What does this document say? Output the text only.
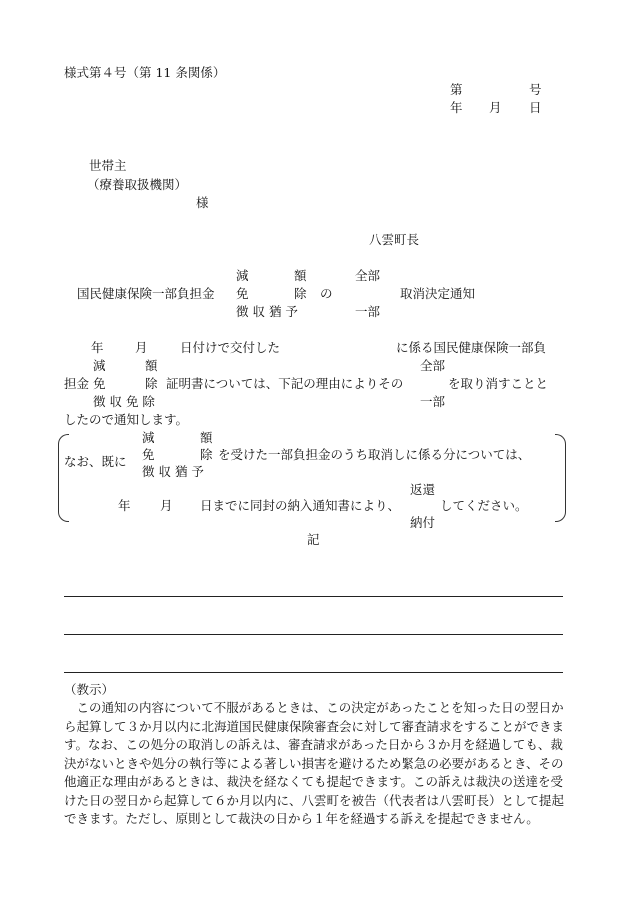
様式第４号（第 11 条関係）
第	号
年 月 日
世帯主
（療養取扱機関）
様
八雲町長
減	額	全部
国民健康保険一部負担金 免	除 の	取消決定通知
徴 収 猶 予	一部
年	月	日付けで交付した	に係る国民健康保険一部負
減	額	全部
担金 免	除 証明書については、下記の理由によりその	を取り消すことと
徴 収 免 除	一部
したので通知します。
減	額
なお、既に 免	除 を受けた一部負担金のうち取消しに係る分については、
徴 収 猶 予
返還
年 月 日までに同封の納入通知書により、	してください。
納付
記
（教示）

この通知の内容について不服があるときは、この決定があったことを知った日の翌日から起算して３か月以内に北海道国民健康保険審査会に対して審査請求をすることができます。なお、この処分の取消しの訴えは、審査請求があった日から３か月を経過しても、裁決がないときや処分の執行等による著しい損害を避けるため緊急の必要があるとき、その他適正な理由があるときは、裁決を経なくても提起できます。この訴えは裁決の送達を受けた日の翌日から起算して６か月以内に、八雲町を被告（代表者は八雲町長）として提起できます。ただし、原則として裁決の日から１年を経過する訴えを提起できません。
